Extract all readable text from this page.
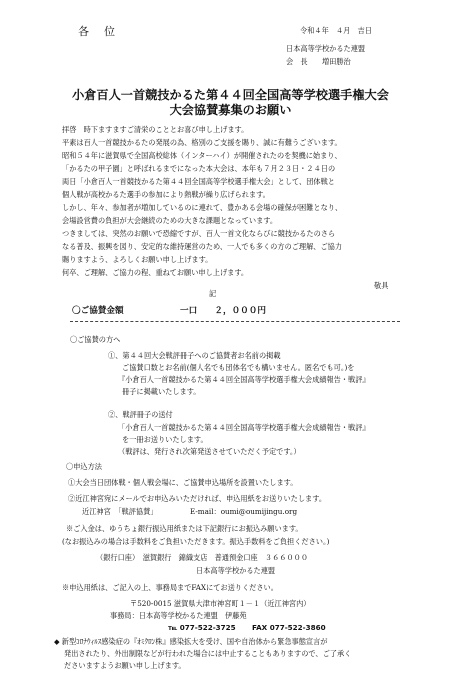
各　位	令和４年　４月　吉日
日本高等学校かるた連盟
会　長　　増田勝治
小倉百人一首競技かるた第４４回全国高等学校選手権大会
大会協賛募集のお願い
拝啓　時下ますますご清栄のこととお喜び申し上げます。
平素は百人一首競技かるたの発展の為、格別のご支援を賜り、誠に有難うございます。
昭和５４年に滋賀県で全国高校総体（インターハイ）が開催されたのを契機に始まり、
「かるたの甲子園」と呼ばれるまでになった本大会は、本年も７月２３日・２４日の
両日「小倉百人一首競技かるた第４４回全国高等学校選手権大会」として、団体戦と
個人戦が高校かるた選手の参加により熱戦が繰り広げられます。
しかし、年々、参加者が増加しているのに連れて、豊かある会場の確保が困難となり、
会場設営費の負担が大会継続のための大きな課題となっています。
つきましては、突然のお願いで恐縮ですが、百人一首文化ならびに競技かるたのさら
なる普及、振興を図り、安定的な維持運営のため、一人でも多くの方のご理解、ご協力
賜りますよう、よろしくお願い申し上げます。
何卒、ご理解、ご協力の程、重ねてお願い申し上げます。
敬具
記
〇ご協賛金額	一口　　２，０００円
〇ご協賛の方へ
①、第４４回大会戦評冊子へのご協賛者お名前の掲載
ご協賛口数とお名前(個人名でも団体名でも構いません。匿名でも可。)を
『小倉百人一首競技かるた第４４回全国高等学校選手権大会成績報告・戦評』
冊子に掲載いたします。
②、戦評冊子の送付
「小倉百人一首競技かるた第４４回全国高等学校選手権大会成績報告・戦評』
を一冊お送りいたします。
（戦評は、発行され次第発送させていただく予定です。）
〇申込方法
①大会当日団体戦・個人戦会場に、ご協賛申込場所を設置いたします。
②近江神宮宛にメールでお申込みいただければ、申込用紙をお送りいたします。
近江神宮　「戦評協賛」	E-mail：oumi@oumijingu.org
※ご入金は、ゆうちょ銀行振込用紙または下記銀行にお振込み願います。
(なお振込みの場合は手数料をご負担いただきます。振込手数料をご負担ください。)
（銀行口座）　滋賀銀行　錦織支店　普通預金口座　３６６０００
日本高等学校かるた連盟
※申込用紙は、ご記入の上、事務局までFAXにてお送りください。
〒520-0015 滋賀県大津市神宮町１－１（近江神宮内）
事務局：日本高等学校かるた連盟　伊藤苑
℡ 077-522-3725 FAX 077-522-3860
◆ 新型ｺﾛﾅｳｨﾙｽ感染症の『ｵﾐｸﾛﾝ株』感染拡大を受け、国や自治体から緊急事態宣言が
発出されたり、外出制限などが行われた場合には中止することもありますので、ご了承く
ださいますようお願い申し上げます。
